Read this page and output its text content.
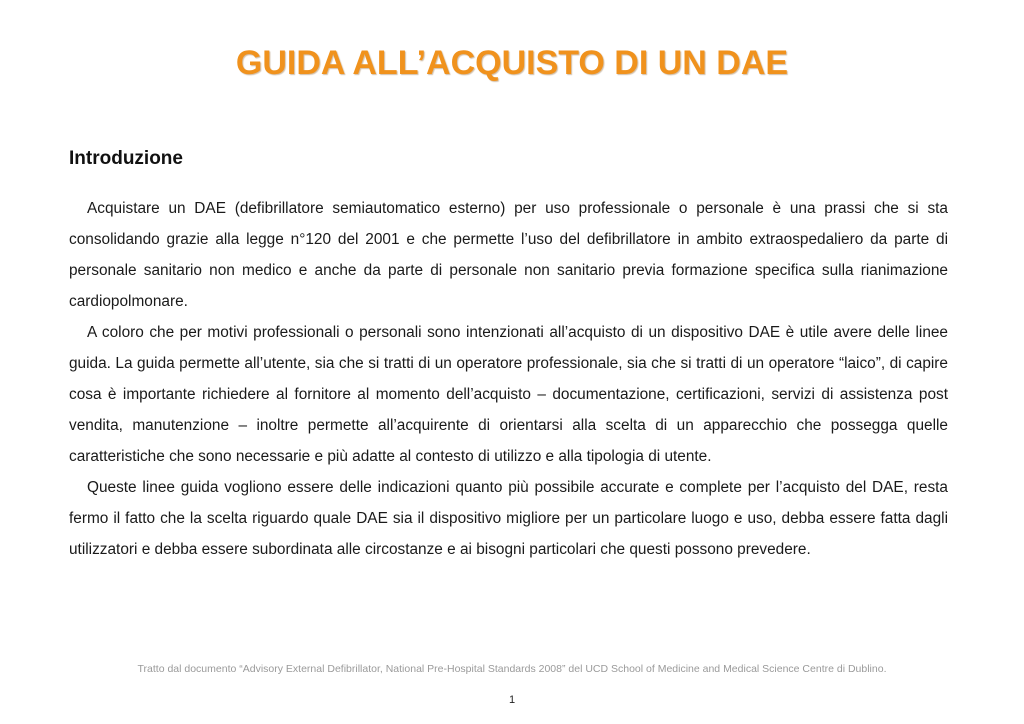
GUIDA ALL’ACQUISTO DI UN DAE
Introduzione

Acquistare un DAE (defibrillatore semiautomatico esterno) per uso professionale o personale è una prassi che si sta consolidando grazie alla legge n°120 del 2001 e che permette l’uso del defibrillatore in ambito extraospedaliero da parte di personale sanitario non medico e anche da parte di personale non sanitario previa formazione specifica sulla rianimazione cardiopolmonare.

A coloro che per motivi professionali o personali sono intenzionati all’acquisto di un dispositivo DAE è utile avere delle linee guida. La guida permette all’utente, sia che si tratti di un operatore professionale, sia che si tratti di un operatore “laico”, di capire cosa è importante richiedere al fornitore al momento dell’acquisto – documentazione, certificazioni, servizi di assistenza post vendita, manutenzione – inoltre permette all’acquirente di orientarsi alla scelta di un apparecchio che possegga quelle caratteristiche che sono necessarie e più adatte al contesto di utilizzo e alla tipologia di utente.

Queste linee guida vogliono essere delle indicazioni quanto più possibile accurate e complete per l’acquisto del DAE, resta fermo il fatto che la scelta riguardo quale DAE sia il dispositivo migliore per un particolare luogo e uso, debba essere fatta dagli utilizzatori e debba essere subordinata alle circostanze e ai bisogni particolari che questi possono prevedere.

Tratto dal documento “Advisory External Defibrillator, National Pre-Hospital Standards 2008” del UCD School of Medicine and Medical Science Centre di Dublino.
1
